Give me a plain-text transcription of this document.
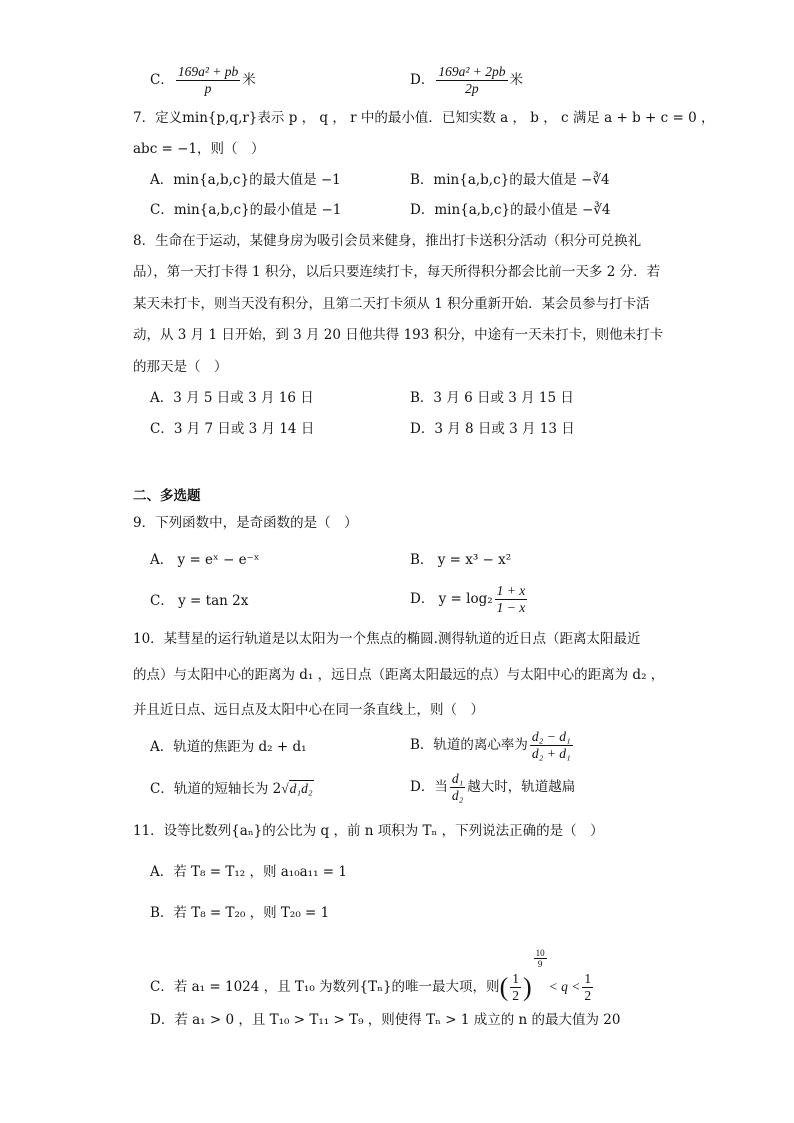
C． $\frac{\text{169a² + pb}}{p}$ 米	D． $\frac{\text{169a² + 2pb}}{2p}$ 米
7．定义min{p,q,r}表示 p ， q ， r 中的最小值．已知实数 a ， b ， c 满足 a + b + c = 0 ，
abc = −1，则（　）
A．min{a,b,c}的最大值是 −1	B．min{a,b,c}的最大值是 −∛4
C．min{a,b,c}的最小值是 −1	D．min{a,b,c}的最小值是 −∛4
8．生命在于运动，某健身房为吸引会员来健身，推出打卡送积分活动（积分可兑换礼
品），第一天打卡得 1 积分，以后只要连续打卡，每天所得积分都会比前一天多 2 分．若
某天未打卡，则当天没有积分，且第二天打卡须从 1 积分重新开始．某会员参与打卡活
动，从 3 月 1 日开始，到 3 月 20 日他共得 193 积分，中途有一天未打卡，则他未打卡
的那天是（　）
A．3 月 5 日或 3 月 16 日	B．3 月 6 日或 3 月 15 日
C．3 月 7 日或 3 月 14 日	D．3 月 8 日或 3 月 13 日
二、多选题
9．下列函数中，是奇函数的是（　）
A． y = eˣ − e⁻ˣ	B． y = x³ − x²
C． y = tan 2x	D． $y = \log_2 \frac{1 + x}{1 - x}$
10．某彗星的运行轨道是以太阳为一个焦点的椭圆.测得轨道的近日点（距离太阳最近
的点）与太阳中心的距离为 d₁ ，远日点（距离太阳最远的点）与太阳中心的距离为 d₂ ，
并且近日点、远日点及太阳中心在同一条直线上，则（　）
A．轨道的焦距为 d₂ + d₁	B．轨道的离心率为 $\frac{\text{d₂ − d₁}}{\text{d₂ + d₁}}$
C．轨道的短轴长为 2√d₁d₂	D．当 $\frac{\text{d₁}}{\text{d₂}}$ 越大时，轨道越扁
11．设等比数列{aₙ}的公比为 q ，前 n 项积为 Tₙ ，下列说法正确的是（　）
A．若 T₈ = T₁₂ ，则 a₁₀a₁₁ = 1
B．若 T₈ = T₂₀ ，则 T₂₀ = 1
C．若 a₁ = 1024 ，且 T₁₀ 为数列{Tₙ}的唯一最大项，则( $\frac{1}{2}$ )
$\frac{10}{9}$
< $q < \frac{1}{2}$
D．若 a₁ > 0 ，且 T₁₀ > T₁₁ > T₉ ，则使得 Tₙ > 1 成立的 n 的最大值为 20
